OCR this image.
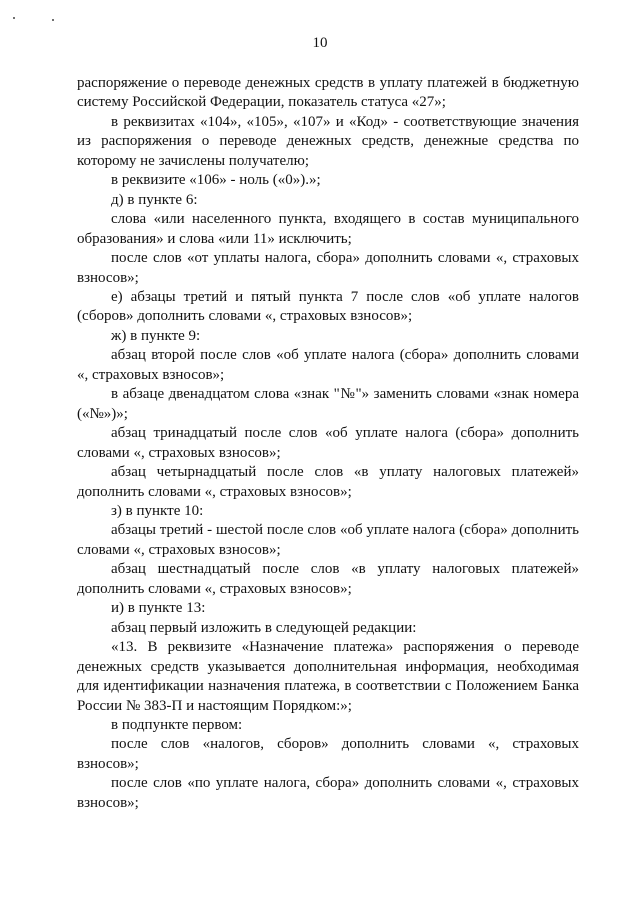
10

распоряжение о переводе денежных средств в уплату платежей в бюджетную систему Российской Федерации, показатель статуса «27»;

в реквизитах «104», «105», «107» и «Код» - соответствующие значения из распоряжения о переводе денежных средств, денежные средства по которому не зачислены получателю;

в реквизите «106» - ноль («0»).»;

д) в пункте 6:

слова «или населенного пункта, входящего в состав муниципального образования» и слова «или 11» исключить;

после слов «от уплаты налога, сбора» дополнить словами «, страховых взносов»;

е) абзацы третий и пятый пункта 7 после слов «об уплате налогов (сборов» дополнить словами «, страховых взносов»;

ж) в пункте 9:

абзац второй после слов «об уплате налога (сбора» дополнить словами «, страховых взносов»;

в абзаце двенадцатом слова «знак "№"» заменить словами «знак номера («№»)»;

абзац тринадцатый после слов «об уплате налога (сбора» дополнить словами «, страховых взносов»;

абзац четырнадцатый после слов «в уплату налоговых платежей» дополнить словами «, страховых взносов»;

з) в пункте 10:

абзацы третий - шестой после слов «об уплате налога (сбора» дополнить словами «, страховых взносов»;

абзац шестнадцатый после слов «в уплату налоговых платежей» дополнить словами «, страховых взносов»;

и) в пункте 13:

абзац первый изложить в следующей редакции:

«13. В реквизите «Назначение платежа» распоряжения о переводе денежных средств указывается дополнительная информация, необходимая для идентификации назначения платежа, в соответствии с Положением Банка России № 383-П и настоящим Порядком:»;

в подпункте первом:

после слов «налогов, сборов» дополнить словами «, страховых взносов»;

после слов «по уплате налога, сбора» дополнить словами «, страховых взносов»;
